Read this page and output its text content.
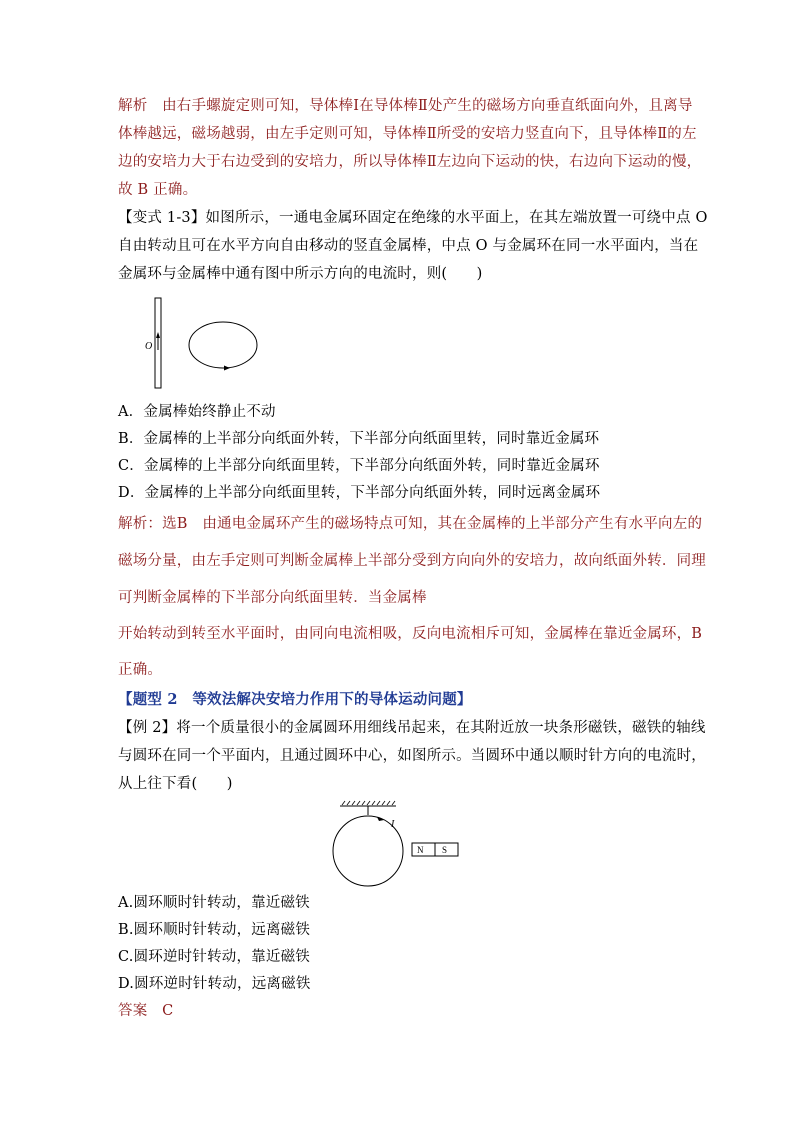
解析　由右手螺旋定则可知，导体棒Ⅰ在导体棒Ⅱ处产生的磁场方向垂直纸面向外，且离导
体棒越远，磁场越弱，由左手定则可知，导体棒Ⅱ所受的安培力竖直向下，且导体棒Ⅱ的左
边的安培力大于右边受到的安培力，所以导体棒Ⅱ左边向下运动的快，右边向下运动的慢，
故 B 正确。
【变式 1-3】如图所示，一通电金属环固定在绝缘的水平面上，在其左端放置一可绕中点 O
自由转动且可在水平方向自由移动的竖直金属棒，中点 O 与金属环在同一水平面内，当在
金属环与金属棒中通有图中所示方向的电流时，则(　　)
O
A．金属棒始终静止不动
B．金属棒的上半部分向纸面外转，下半部分向纸面里转，同时靠近金属环
C．金属棒的上半部分向纸面里转，下半部分向纸面外转，同时靠近金属环
D．金属棒的上半部分向纸面里转，下半部分向纸面外转，同时远离金属环
解析：选B　由通电金属环产生的磁场特点可知，其在金属棒的上半部分产生有水平向左的
磁场分量，由左手定则可判断金属棒上半部分受到方向向外的安培力，故向纸面外转．同理
可判断金属棒的下半部分向纸面里转．当金属棒
开始转动到转至水平面时，由同向电流相吸，反向电流相斥可知，金属棒在靠近金属环，B
正确。
【题型 2　等效法解决安培力作用下的导体运动问题】
【例 2】将一个质量很小的金属圆环用细线吊起来，在其附近放一块条形磁铁，磁铁的轴线
与圆环在同一个平面内，且通过圆环中心，如图所示。当圆环中通以顺时针方向的电流时，
从上往下看(　　)
I
N S
A.圆环顺时针转动，靠近磁铁
B.圆环顺时针转动，远离磁铁
C.圆环逆时针转动，靠近磁铁
D.圆环逆时针转动，远离磁铁
答案　C
